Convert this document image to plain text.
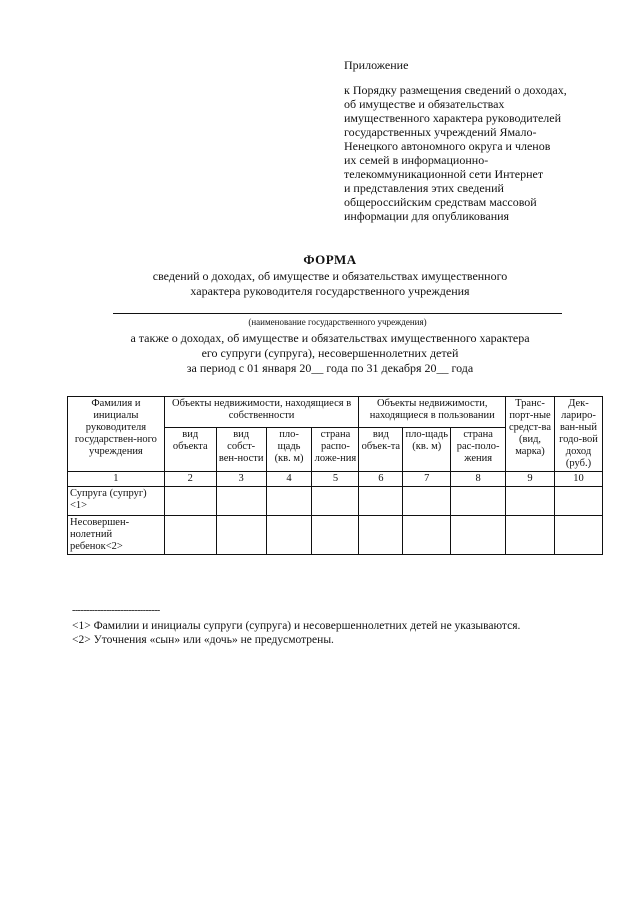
Приложение
к Порядку размещения сведений о доходах,
об имуществе и обязательствах
имущественного характера руководителей
государственных учреждений Ямало-
Ненецкого автономного округа и членов
их семей в информационно-
телекоммуникационной сети Интернет
и представления этих сведений
общероссийским средствам массовой
информации для опубликования
ФОРМА
сведений о доходах, об имуществе и обязательствах имущественного
характера руководителя государственного учреждения
(наименование государственного учреждения)
а также о доходах, об имуществе и обязательствах имущественного характера
его супруги (супруга), несовершеннолетних детей
за период с 01 января 20__ года по 31 декабря 20__ года
Фамилия и инициалы руководителя государствен-ного учреждения	Объекты недвижимости, находящиеся в собственности				Объекты недвижимости, находящиеся в пользовании			Транс-порт-ные средст-ва (вид, марка)	Дек-лариро-ван-ный годо-вой доход (руб.)
	вид объекта	вид собст-вен-ности	пло-щадь (кв. м)	страна распо-ложе-ния	вид объек-та	пло-щадь (кв. м)	страна рас-поло-жения		
1	2	3	4	5	6	7	8	9	10
Супруга (супруг)<1>									
Несовершен-нолетний ребенок<2>									
-------------------------------
<1> Фамилии и инициалы супруги (супруга) и несовершеннолетних детей не указываются.
<2> Уточнения «сын» или «дочь» не предусмотрены.
